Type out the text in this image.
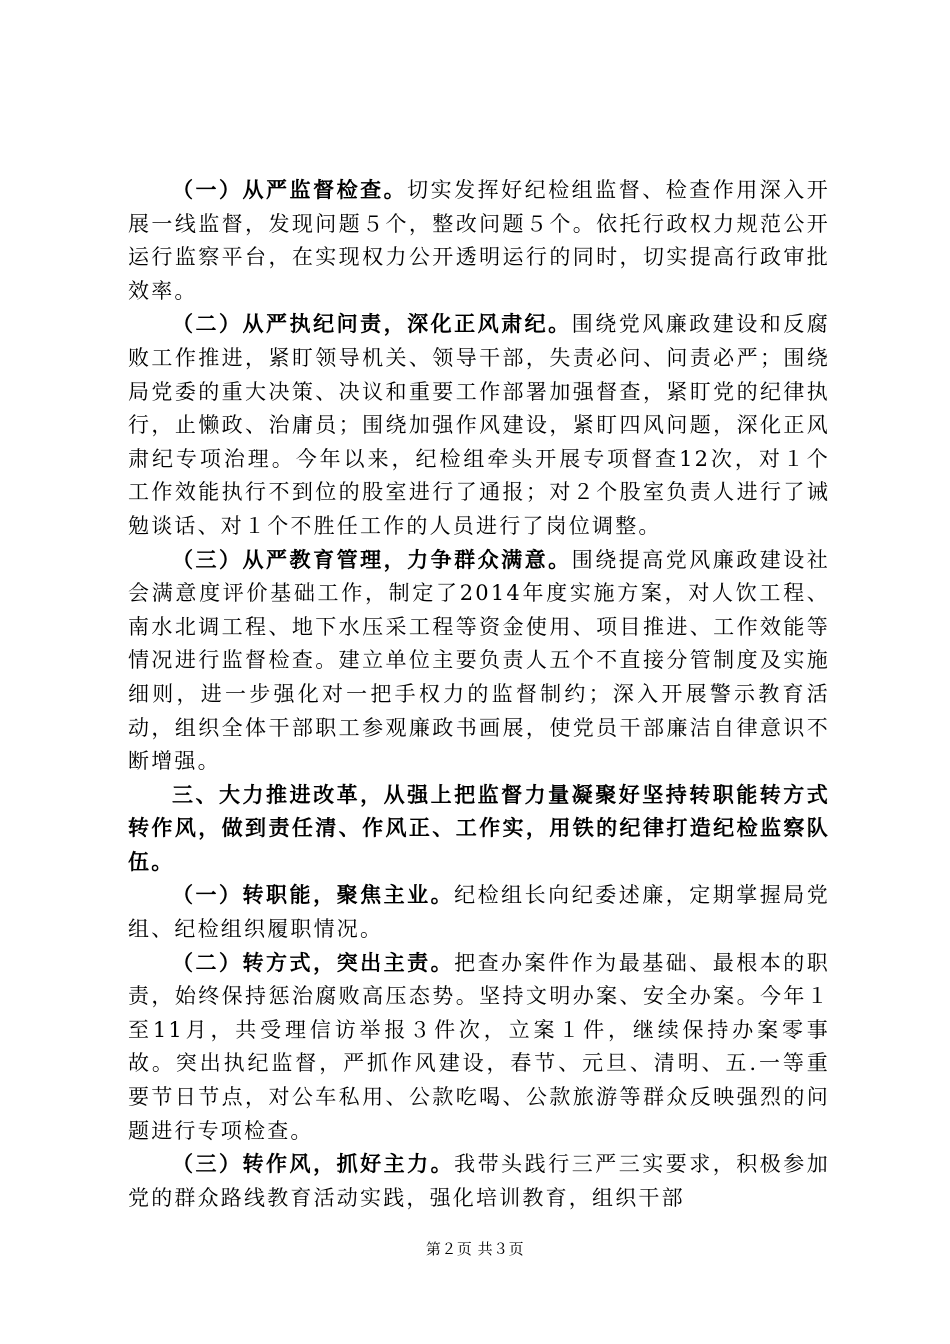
（一）从严监督检查。切实发挥好纪检组监督、检查作用深入开展一线监督，发现问题５个，整改问题５个。依托行政权力规范公开运行监察平台，在实现权力公开透明运行的同时，切实提高行政审批效率。

（二）从严执纪问责，深化正风肃纪。围绕党风廉政建设和反腐败工作推进，紧盯领导机关、领导干部，失责必问、问责必严；围绕局党委的重大决策、决议和重要工作部署加强督查，紧盯党的纪律执行，止懒政、治庸员；围绕加强作风建设，紧盯四风问题，深化正风肃纪专项治理。今年以来，纪检组牵头开展专项督查12次，对１个工作效能执行不到位的股室进行了通报；对２个股室负责人进行了诫勉谈话、对１个不胜任工作的人员进行了岗位调整。

（三）从严教育管理，力争群众满意。围绕提高党风廉政建设社会满意度评价基础工作，制定了2014年度实施方案，对人饮工程、南水北调工程、地下水压采工程等资金使用、项目推进、工作效能等情况进行监督检查。建立单位主要负责人五个不直接分管制度及实施细则，进一步强化对一把手权力的监督制约；深入开展警示教育活动，组织全体干部职工参观廉政书画展，使党员干部廉洁自律意识不断增强。

三、大力推进改革，从强上把监督力量凝聚好坚持转职能转方式转作风，做到责任清、作风正、工作实，用铁的纪律打造纪检监察队伍。

（一）转职能，聚焦主业。纪检组长向纪委述廉，定期掌握局党组、纪检组织履职情况。

（二）转方式，突出主责。把查办案件作为最基础、最根本的职责，始终保持惩治腐败高压态势。坚持文明办案、安全办案。今年１至11月，共受理信访举报３件次，立案１件，继续保持办案零事故。突出执纪监督，严抓作风建设，春节、元旦、清明、五.一等重要节日节点，对公车私用、公款吃喝、公款旅游等群众反映强烈的问题进行专项检查。

（三）转作风，抓好主力。我带头践行三严三实要求，积极参加党的群众路线教育活动实践，强化培训教育，组织干部

第２页 共３页
